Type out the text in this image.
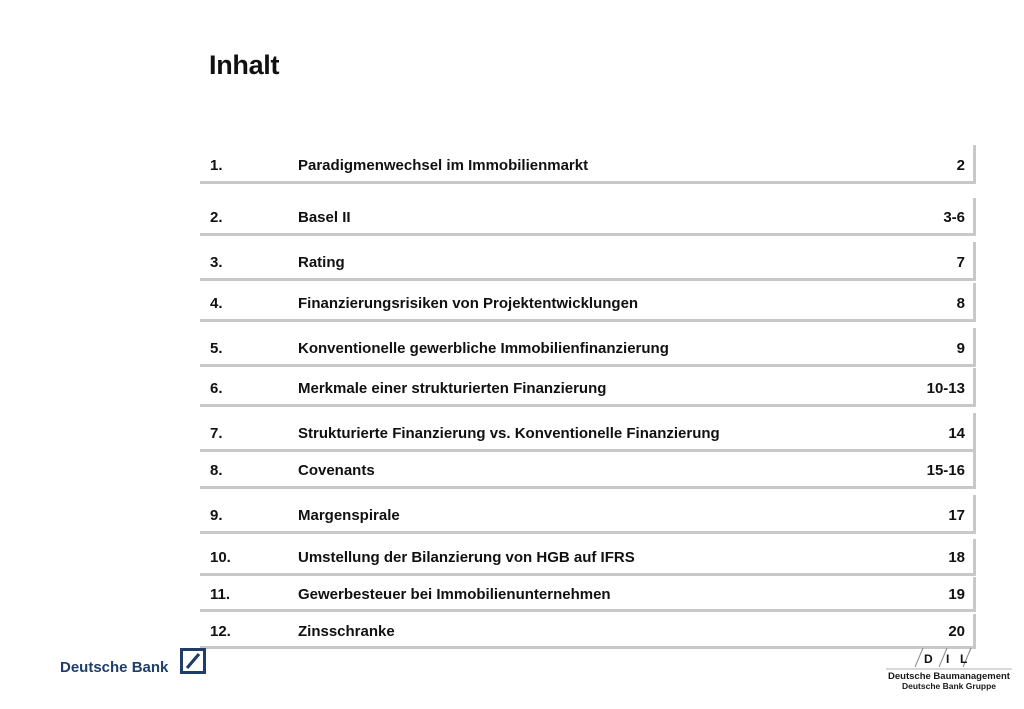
Inhalt
1.	Paradigmenwechsel im Immobilienmarkt	2
2.	Basel II	3-6
3.	Rating	7
4.	Finanzierungsrisiken von Projektentwicklungen	8
5.	Konventionelle gewerbliche Immobilienfinanzierung	9
6.	Merkmale einer strukturierten Finanzierung	10-13
7.	Strukturierte Finanzierung vs. Konventionelle Finanzierung	14
8.	Covenants	15-16
9.	Margenspirale	17
10.	Umstellung der Bilanzierung von HGB auf IFRS	18
11.	Gewerbesteuer bei Immobilienunternehmen	19
12.	Zinsschranke	20
Deutsche Bank	D I L
Deutsche Baumanagement
Deutsche Bank Gruppe
